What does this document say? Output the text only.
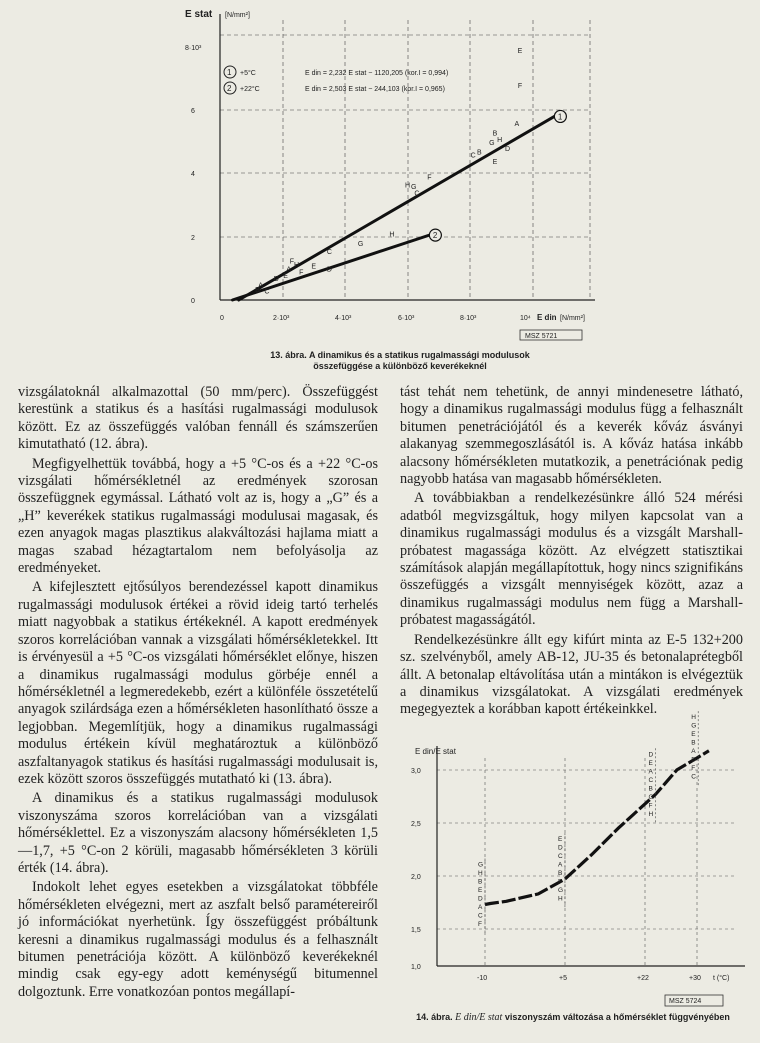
E stat [N/mm²]
8·10³
6
4
2
0
0	2·10³	4·10³	6·10³	8·10³	10⁴ E din [N/mm²]
1 +5°C	E din = 2,232 E stat − 1120,205 (kor.I = 0,994)
2 +22°C	E din = 2,503 E stat − 244,103 (kor.I = 0,965)
1
A
B
G H
D
B
C
E
F
H G
C
2
H
G
C
D
E
F H
A F
E
D
A
B C
E
F
MSZ 5721
13. ábra. A dinamikus és a statikus rugalmassági modulusok
összefüggése a különböző keverékeknél

vizsgálatoknál alkalmazottal (50 mm/perc). Összefüggést kerestünk a statikus és a hasítási rugalmassági modulusok között. Ez az összefüggés valóban fennáll és számszerűen kimutatható (12. ábra).

Megfigyelhettük továbbá, hogy a +5 °C-os és a +22 °C-os vizsgálati hőmérsékletnél az eredmények szorosan összefüggnek egymással. Látható volt az is, hogy a „G” és a „H” keverékek statikus rugalmassági modulusai magasak, és ezen anyagok magas plasztikus alakváltozási hajlama miatt a magas szabad hézagtartalom nem befolyásolja az eredményeket.

A kifejlesztett ejtősúlyos berendezéssel kapott dinamikus rugalmassági modulusok értékei a rövid ideig tartó terhelés miatt nagyobbak a statikus értékeknél. A kapott eredmények szoros korrelációban vannak a vizsgálati hőmérsékletekkel. Itt is érvényesül a +5 °C-os vizsgálati hőmérséklet előnye, hiszen a dinamikus rugalmassági modulus görbéje ennél a hőmérsékletnél a legmeredekebb, ezért a különféle összetételű anyagok szilárdsága ezen a hőmérsékleten hasonlítható össze a legjobban. Megemlítjük, hogy a dinamikus rugalmassági modulus értékein kívül meghatároztuk a különböző aszfaltanyagok statikus és hasítási rugalmassági modulusait is, ezek között szoros összefüggés mutatható ki (13. ábra).

A dinamikus és a statikus rugalmassági modulusok viszonyszáma szoros korrelációban van a vizsgálati hőmérséklettel. Ez a viszonyszám alacsony hőmérsékleten 1,5—1,7, +5 °C-on 2 körüli, magasabb hőmérsékleten 3 körüli érték (14. ábra).

Indokolt lehet egyes esetekben a vizsgálatokat többféle hőmérsékleten elvégezni, mert az aszfalt belső paramétereiről jó információkat nyerhetünk. Így összefüggést próbáltunk keresni a dinamikus rugalmassági modulus és a felhasznált bitumen penetrációja között. A különböző keverékeknél mindig csak egy-egy adott keménységű bitumennel dolgoztunk. Erre vonatkozóan pontos megállapí-

tást tehát nem tehetünk, de annyi mindenesetre látható, hogy a dinamikus rugalmassági modulus függ a felhasznált bitumen penetrációjától és a keverék kőváz ásványi alakanyag szemmegoszlásától is. A kőváz hatása inkább alacsony hőmérsékleten mutatkozik, a penetrációnak pedig nagyobb hatása van magasabb hőmérsékleten.

A továbbiakban a rendelkezésünkre álló 524 mérési adatból megvizsgáltuk, hogy milyen kapcsolat van a dinamikus rugalmassági modulus és a vizsgált Marshall-próbatest magassága között. Az elvégzett statisztikai számítások alapján megállapítottuk, hogy nincs szignifikáns összefüggés a vizsgált mennyiségek között, azaz a dinamikus rugalmassági modulus nem függ a Marshall-próbatest magasságától.

Rendelkezésünkre állt egy kifúrt minta az E-5 132+200 sz. szelvényből, amely AB-12, JU-35 és betonalaprétegből állt. A betonalap eltávolítása után a mintákon is elvégeztük a dinamikus vizsgálatokat. A vizsgálati eredmények megegyeztek a korábban kapott értékeinkkel.

E din/E stat
3,0
2,5
2,0
1,5
1,0
-10	+5	+22	+30 t (°C)
G
H
B
E
D
A
C
F
E
D
C
A
B
F
G
H
D
E
A
C
B
G
F
H
H
G
E
B
A
D
F
C
MSZ 5724
14. ábra. E din/E stat viszonyszám változása a hőmérséklet függvényében
